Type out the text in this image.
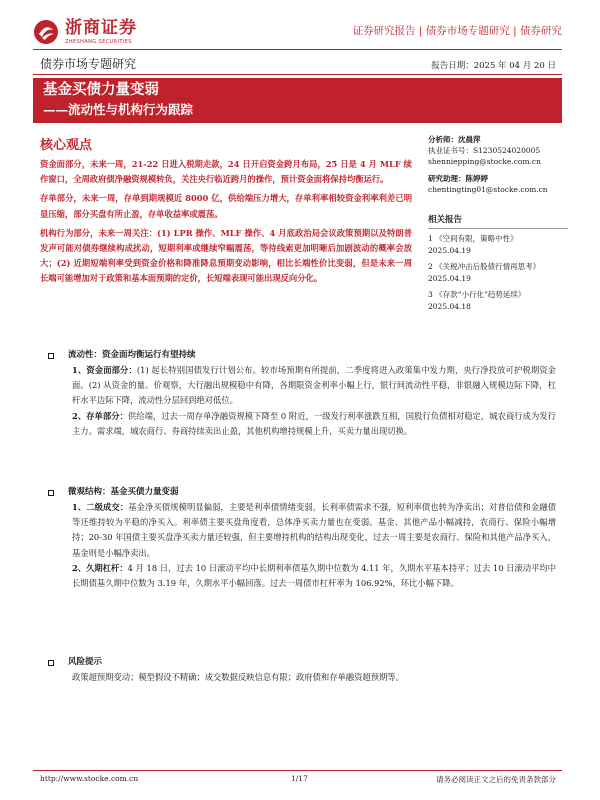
浙商证券
ZHESHANG SECURITIES
证券研究报告 | 债券市场专题研究 | 债券研究
债券市场专题研究	报告日期：2025 年 04 月 20 日
基金买债力量变弱
——流动性与机构行为跟踪
核心观点

资金面部分，未来一周，21-22 日进入税期走款，24 日开启资金跨月布局，25 日是 4 月 MLF 续作窗口，全周政府债净融资规模转负，关注央行临近跨月的操作，预计资金面将保持均衡运行。

存单部分，未来一周，存单到期规模近 8000 亿，供给端压力增大，存单利率相较资金利率利差已明显压缩，部分买盘有所止盈，存单收益率或震荡。

机构行为部分，未来一周关注：(1) LPR 操作、MLF 操作、4 月底政治局会议政策预期以及特朗普发声可能对债券继续构成扰动，短期利率或继续窄幅震荡，等待线索更加明晰后加剧波动的概率会放大；(2) 近期短端利率受到资金价格和降准降息预期变动影响，相比长端性价比变弱，但是未来一周长端可能增加对于政策和基本面预期的定价，长短端表现可能出现反向分化。

分析师：沈晨萍
执业证书号：S1230524020005
shenniepping@stocke.com.cn
研究助理：陈婷婷
chentingting01@stocke.com.cn
相关报告
1 《空间有限，策略中性》
2025.04.19
2 《关税冲击后股债行情再思考》 2025.04.19
3 《存款“小行化”趋势延续》
2025.04.18
流动性：资金面均衡运行有望持续
1、资金面部分：(1) 起长特别国债发行计划公布。较市场预期有所提前，二季度将进入政策集中发力期，央行净投放可护税期资金面。(2) 从资金的量、价观察，大行融出规模稳中有降，各期限资金利率小幅上行，银行间流动性平稳，非银融入规模边际下降，杠杆水平边际下降，流动性分层回到绝对低位。
2、存单部分：供给端，过去一周存单净融资规模下降至 0 附近，一级发行利率涨跌互相，国股行负债相对稳定，城农商行成为发行主力。需求端，城农商行、券商持续卖出止盈，其他机构增持规模上升，买卖力量出现切换。
微观结构：基金买债力量变弱
1、二级成交：基金净买债规模明显偏弱，主要是利率债情绪变弱，长利率债需求不强，短利率债也转为净卖出；对普信债和金融债等还维持较为平稳的净买入。利率债主要买盘角度看，总体净买卖力量也在变弱。基金、其他产品小幅减持，农商行、保险小幅增持；20-30 年国债主要买盘净买卖力量还较强，但主要增持机构的结构出现变化，过去一周主要是农商行、保险和其他产品净买入，基金则是小幅净卖出。
2、久期杠杆：4 月 18 日，过去 10 日滚动平均中长期利率债基久期中位数为 4.11 年，久期水平基本持平；过去 10 日滚动平均中长期债基久期中位数为 3.19 年，久期水平小幅回落。过去一周债市杠杆率为 106.92%，环比小幅下降。
风险提示
政策超预期变动；模型假设不精确；成交数据反映信息有限；政府债和存单融资超预期等。
http://www.stocke.com.cn	1/17	请务必阅读正文之后的免责条款部分
